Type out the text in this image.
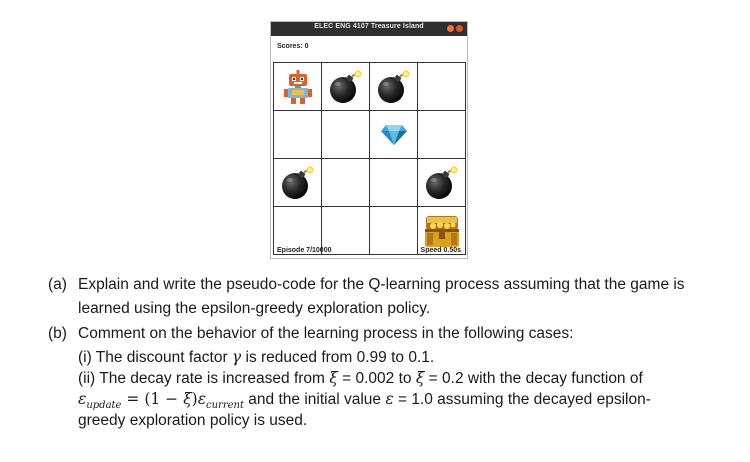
ELEC ENG 4107 Treasure Island
Scores: 0
Episode 7/10000	Speed 0.50s
(a) Explain and write the pseudo-code for the Q-learning process assuming that the game is
learned using the epsilon-greedy exploration policy.
(b) Comment on the behavior of the learning process in the following cases:
(i) The discount factor γ is reduced from 0.99 to 0.1.
(ii) The decay rate is increased from ξ = 0.002 to ξ = 0.2 with the decay function of
$\varepsilon_{update} = (1 - \xi)\varepsilon_{current}$ and the initial value ε = 1.0 assuming the decayed epsilon-
greedy exploration policy is used.
